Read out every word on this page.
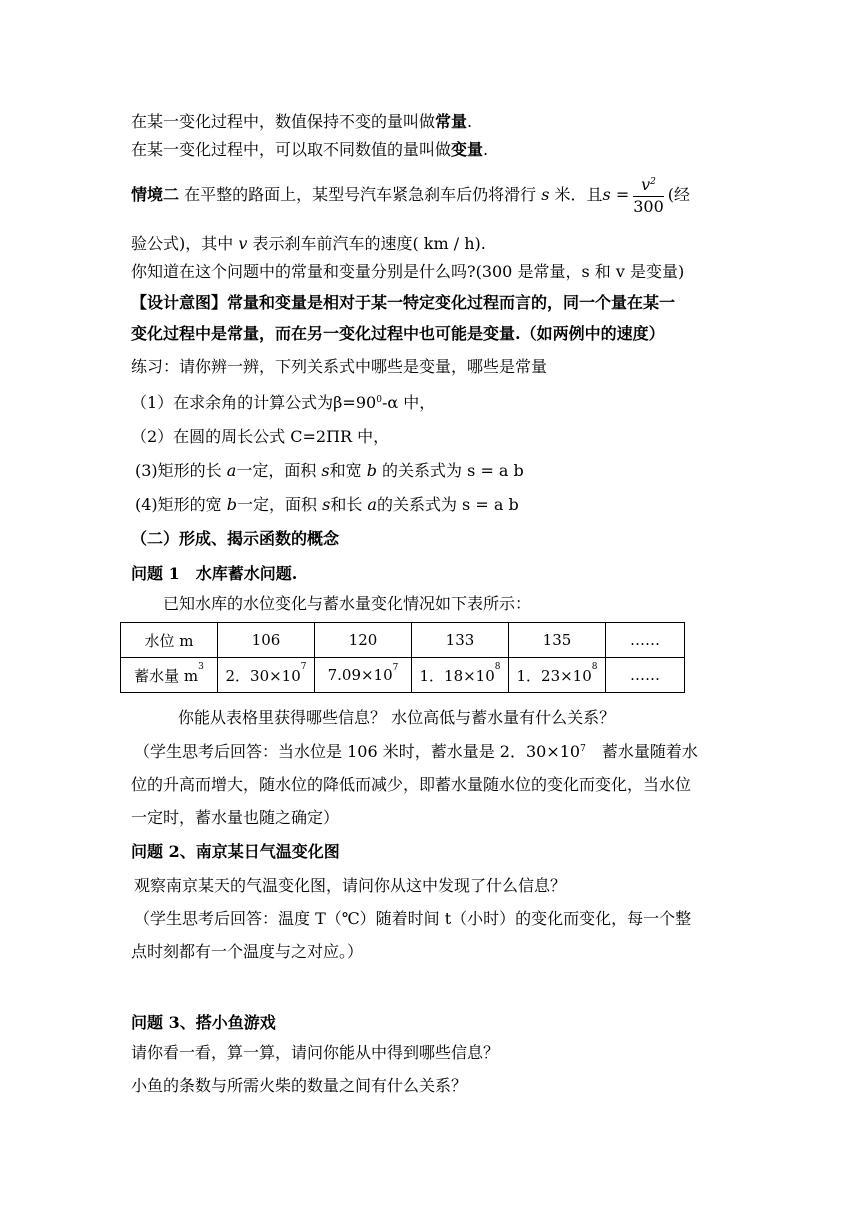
在某一变化过程中，数值保持不变的量叫做常量.
在某一变化过程中，可以取不同数值的量叫做变量.
情境二 在平整的路面上，某型号汽车紧急刹车后仍将滑行 s 米．且$s = \frac{v^2}{300}$ (经
验公式)，其中 v 表示刹车前汽车的速度( km / h).
你知道在这个问题中的常量和变量分别是什么吗?(300 是常量，s 和 v 是变量)
【设计意图】常量和变量是相对于某一特定变化过程而言的，同一个量在某一
变化过程中是常量，而在另一变化过程中也可能是变量.（如两例中的速度）
练习：请你辨一辨，下列关系式中哪些是变量，哪些是常量
（1）在求余角的计算公式为$\beta=90^0-\alpha$ 中，
（2）在圆的周长公式 C=2ΠR 中，
(3)矩形的长 a一定，面积 s和宽 b 的关系式为 s = a b
(4)矩形的宽 b一定，面积 s和长 a的关系式为 s = a b
（二）形成、揭示函数的概念
问题 1　水库蓄水问题.
已知水库的水位变化与蓄水量变化情况如下表所示：
水位 m	106	120	133	135	……
蓄水量 $m^3$	2．$30\times 10^7$	$7.09\times 10^7$	1．$18\times 10^8$	1．$23\times 10^8$	……
你能从表格里获得哪些信息？ 水位高低与蓄水量有什么关系？
（学生思考后回答：当水位是 106 米时，蓄水量是 2．$30\times 10^7$　蓄水量随着水
位的升高而增大，随水位的降低而减少，即蓄水量随水位的变化而变化，当水位
一定时，蓄水量也随之确定）
问题 2、南京某日气温变化图
观察南京某天的气温变化图，请问你从这中发现了什么信息？
（学生思考后回答：温度 T（℃）随着时间 t（小时）的变化而变化，每一个整
点时刻都有一个温度与之对应。）
问题 3、搭小鱼游戏
请你看一看，算一算，请问你能从中得到哪些信息？
小鱼的条数与所需火柴的数量之间有什么关系？
